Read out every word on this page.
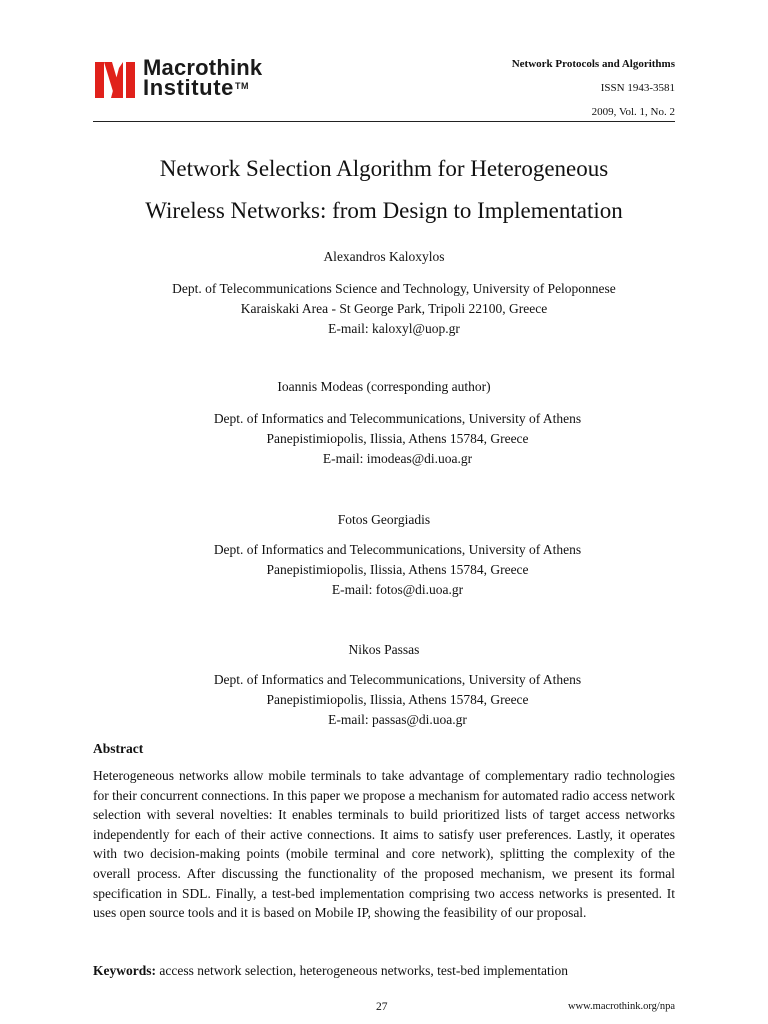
Macrothink
Institute™
Network Protocols and Algorithms
ISSN 1943-3581
2009, Vol. 1, No. 2
Network Selection Algorithm for Heterogeneous
Wireless Networks: from Design to Implementation
Alexandros Kaloxylos
Dept. of Telecommunications Science and Technology, University of Peloponnese
Karaiskaki Area - St George Park, Tripoli 22100, Greece
E-mail: kaloxyl@uop.gr
Ioannis Modeas (corresponding author)
Dept. of Informatics and Telecommunications, University of Athens
Panepistimiopolis, Ilissia, Athens 15784, Greece
E-mail: imodeas@di.uoa.gr
Fotos Georgiadis
Dept. of Informatics and Telecommunications, University of Athens
Panepistimiopolis, Ilissia, Athens 15784, Greece
E-mail: fotos@di.uoa.gr
Nikos Passas
Dept. of Informatics and Telecommunications, University of Athens
Panepistimiopolis, Ilissia, Athens 15784, Greece
E-mail: passas@di.uoa.gr
Abstract
Heterogeneous networks allow mobile terminals to take advantage of complementary radio technologies for their concurrent connections. In this paper we propose a mechanism for automated radio access network selection with several novelties: It enables terminals to build prioritized lists of target access networks independently for each of their active connections. It aims to satisfy user preferences. Lastly, it operates with two decision-making points (mobile terminal and core network), splitting the complexity of the overall process. After discussing the functionality of the proposed mechanism, we present its formal specification in SDL. Finally, a test-bed implementation comprising two access networks is presented. It uses open source tools and it is based on Mobile IP, showing the feasibility of our proposal.
Keywords: access network selection, heterogeneous networks, test-bed implementation
27	www.macrothink.org/npa
